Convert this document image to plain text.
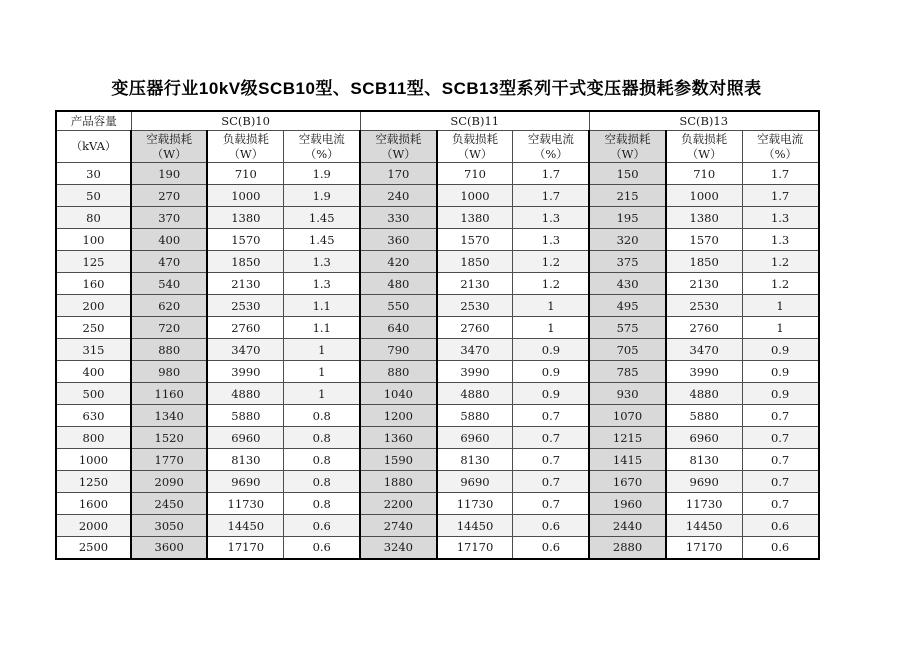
变压器行业10kV级SCB10型、SCB11型、SCB13型系列干式变压器损耗参数对照表
产品容量	SC(B)10			SC(B)11			SC(B)13		
（kVA）	空载损耗（W）	负载损耗（W）	空载电流（%）	空载损耗（W）	负载损耗（W）	空载电流（%）	空载损耗（W）	负载损耗（W）	空载电流（%）
30	190	710	1.9	170	710	1.7	150	710	1.7
50	270	1000	1.9	240	1000	1.7	215	1000	1.7
80	370	1380	1.45	330	1380	1.3	195	1380	1.3
100	400	1570	1.45	360	1570	1.3	320	1570	1.3
125	470	1850	1.3	420	1850	1.2	375	1850	1.2
160	540	2130	1.3	480	2130	1.2	430	2130	1.2
200	620	2530	1.1	550	2530	1	495	2530	1
250	720	2760	1.1	640	2760	1	575	2760	1
315	880	3470	1	790	3470	0.9	705	3470	0.9
400	980	3990	1	880	3990	0.9	785	3990	0.9
500	1160	4880	1	1040	4880	0.9	930	4880	0.9
630	1340	5880	0.8	1200	5880	0.7	1070	5880	0.7
800	1520	6960	0.8	1360	6960	0.7	1215	6960	0.7
1000	1770	8130	0.8	1590	8130	0.7	1415	8130	0.7
1250	2090	9690	0.8	1880	9690	0.7	1670	9690	0.7
1600	2450	11730	0.8	2200	11730	0.7	1960	11730	0.7
2000	3050	14450	0.6	2740	14450	0.6	2440	14450	0.6
2500	3600	17170	0.6	3240	17170	0.6	2880	17170	0.6
